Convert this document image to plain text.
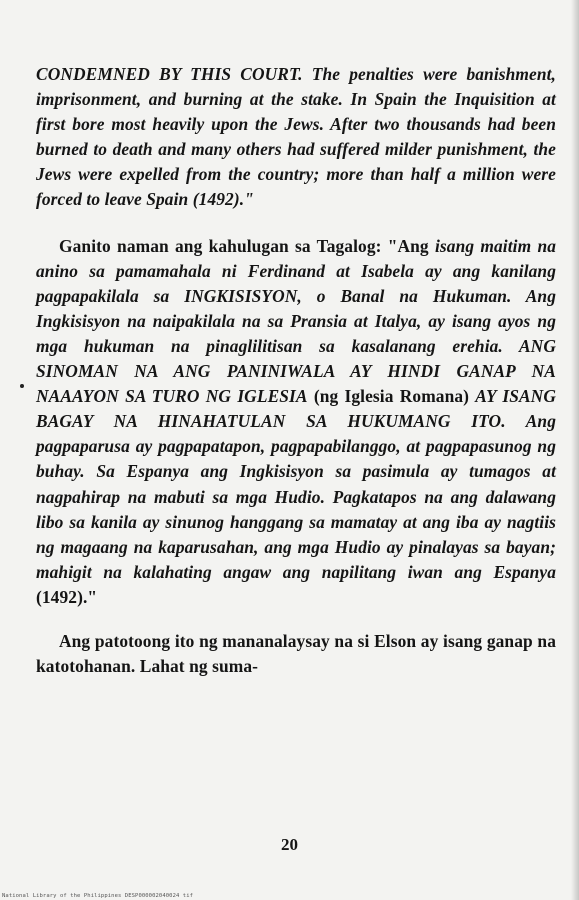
CONDEMNED BY THIS COURT. The penalties were banishment, imprisonment, and burning at the stake. In Spain the Inquisition at first bore most heavily upon the Jews. After two thousands had been burned to death and many others had suffered milder punishment, the Jews were expelled from the country; more than half a million were forced to leave Spain (1492)."

Ganito naman ang kahulugan sa Tagalog: "Ang isang maitim na anino sa pamamahala ni Ferdinand at Isabela ay ang kanilang pagpapakilala sa INGKISISYON, o Banal na Hukuman. Ang Ingkisisyon na naipakilala na sa Pransia at Italya, ay isang ayos ng mga hukuman na pinaglilitisan sa kasalanang erehia. ANG SINOMAN NA ANG PANINIWALA AY HINDI GANAP NA NAAAYON SA TURO NG IGLESIA (ng Iglesia Romana) AY ISANG BAGAY NA HINAHATULAN SA HUKUMANG ITO. Ang pagpaparusa ay pagpapatapon, pagpapabilanggo, at pagpapasunog ng buhay. Sa Espanya ang Ingkisisyon sa pasimula ay tumagos at nagpahirap na mabuti sa mga Hudio. Pagkatapos na ang dalawang libo sa kanila ay sinunog hanggang sa mamatay at ang iba ay nagtiis ng magaang na kaparusahan, ang mga Hudio ay pinalayas sa bayan; mahigit na kalahating angaw ang napilitang iwan ang Espanya (1492)."

Ang patotoong ito ng mananalaysay na si Elson ay isang ganap na katotohanan. Lahat ng suma-

20
National Library of the Philippines DESP000002040024 tif
